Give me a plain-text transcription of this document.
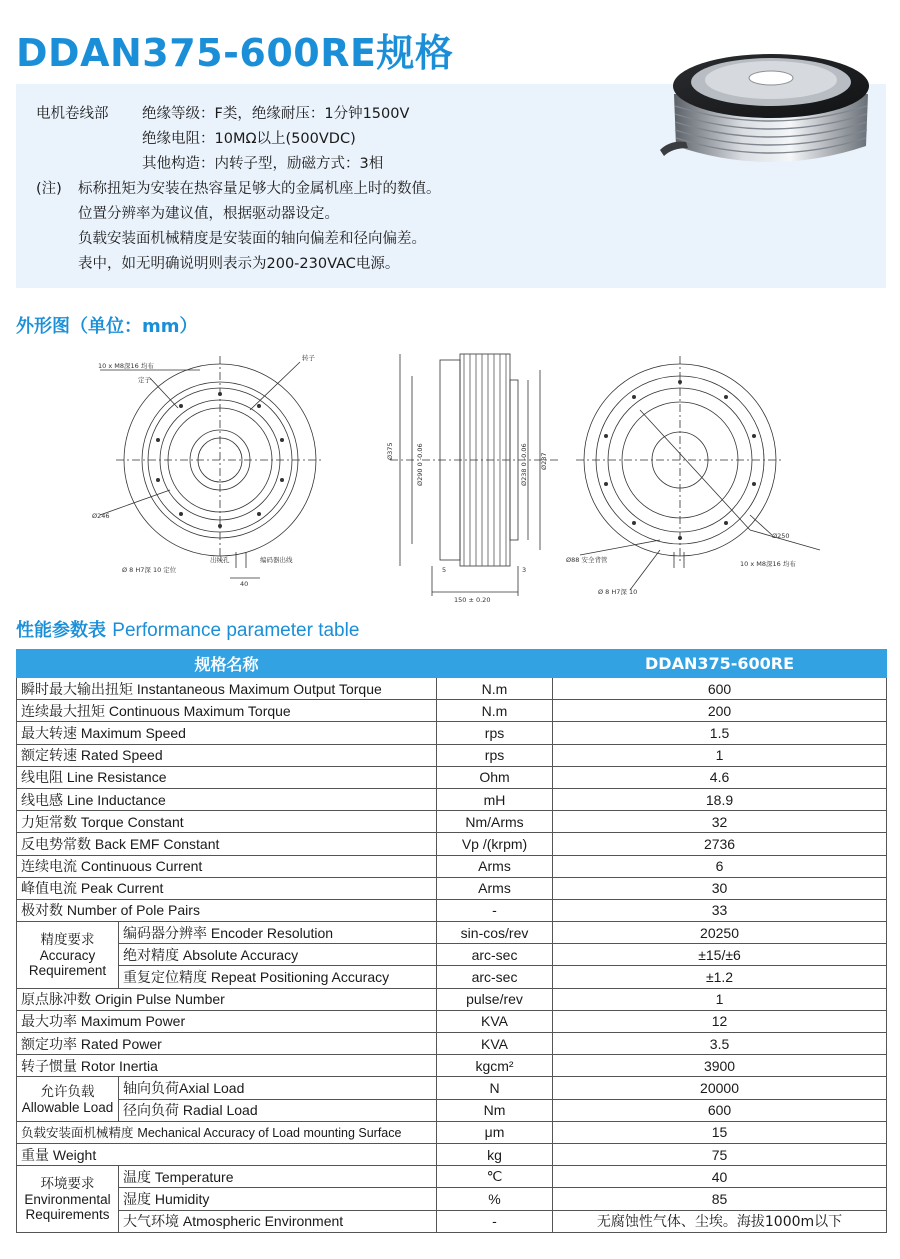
DDAN375-600RE规格
电机卷线部 绝缘等级：F类，绝缘耐压：1分钟1500V
绝缘电阻：10MΩ以上(500VDC)
其他构造：内转子型，励磁方式：3相
(注) 标称扭矩为安装在热容量足够大的金属机座上时的数值。
位置分辨率为建议值，根据驱动器设定。
负载安装面机械精度是安装面的轴向偏差和径向偏差。
表中，如无明确说明则表示为200-230VAC电源。
外形图（单位：mm）
10 x M8深16 均布
定子
转子
Ø246
Ø 8 H7深 10 定位
出线孔	编码器出线
40
Ø375	Ø290 0 -0.06	Ø238 0 -0.06 Ø287
5	3
150 ± 0.20
Ø250
Ø88 安全背管
Ø 8 H7深 10
10 x M8深16 均布
性能参数表 Performance parameter table
规格名称			DDAN375-600RE
瞬时最大输出扭矩 Instantaneous Maximum Output Torque		N.m	600
连续最大扭矩 Continuous Maximum Torque		N.m	200
最大转速 Maximum Speed		rps	1.5
额定转速 Rated Speed		rps	1
线电阻 Line Resistance		Ohm	4.6
线电感 Line Inductance		mH	18.9
力矩常数 Torque Constant		Nm/Arms	32
反电势常数 Back EMF Constant		Vp /(krpm)	2736
连续电流 Continuous Current		Arms	6
峰值电流 Peak Current		Arms	30
极对数 Number of Pole Pairs		-	33
精度要求
Accuracy
Requirement	编码器分辨率 Encoder Resolution	sin-cos/rev	20250
	绝对精度 Absolute Accuracy	arc-sec	±15/±6
	重复定位精度 Repeat Positioning Accuracy	arc-sec	±1.2
原点脉冲数 Origin Pulse Number		pulse/rev	1
最大功率 Maximum Power		KVA	12
额定功率 Rated Power		KVA	3.5
转子惯量 Rotor Inertia		kgcm²	3900
允许负载
Allowable Load	轴向负荷Axial Load	N	20000
	径向负荷 Radial Load	Nm	600
负载安装面机械精度 Mechanical Accuracy of Load mounting Surface		μm	15
重量 Weight		kg	75
环境要求
Environmental
Requirements	温度 Temperature	℃	40
	湿度 Humidity	%	85
	大气环境 Atmospheric Environment	-	无腐蚀性气体、尘埃。海拔1000m以下
